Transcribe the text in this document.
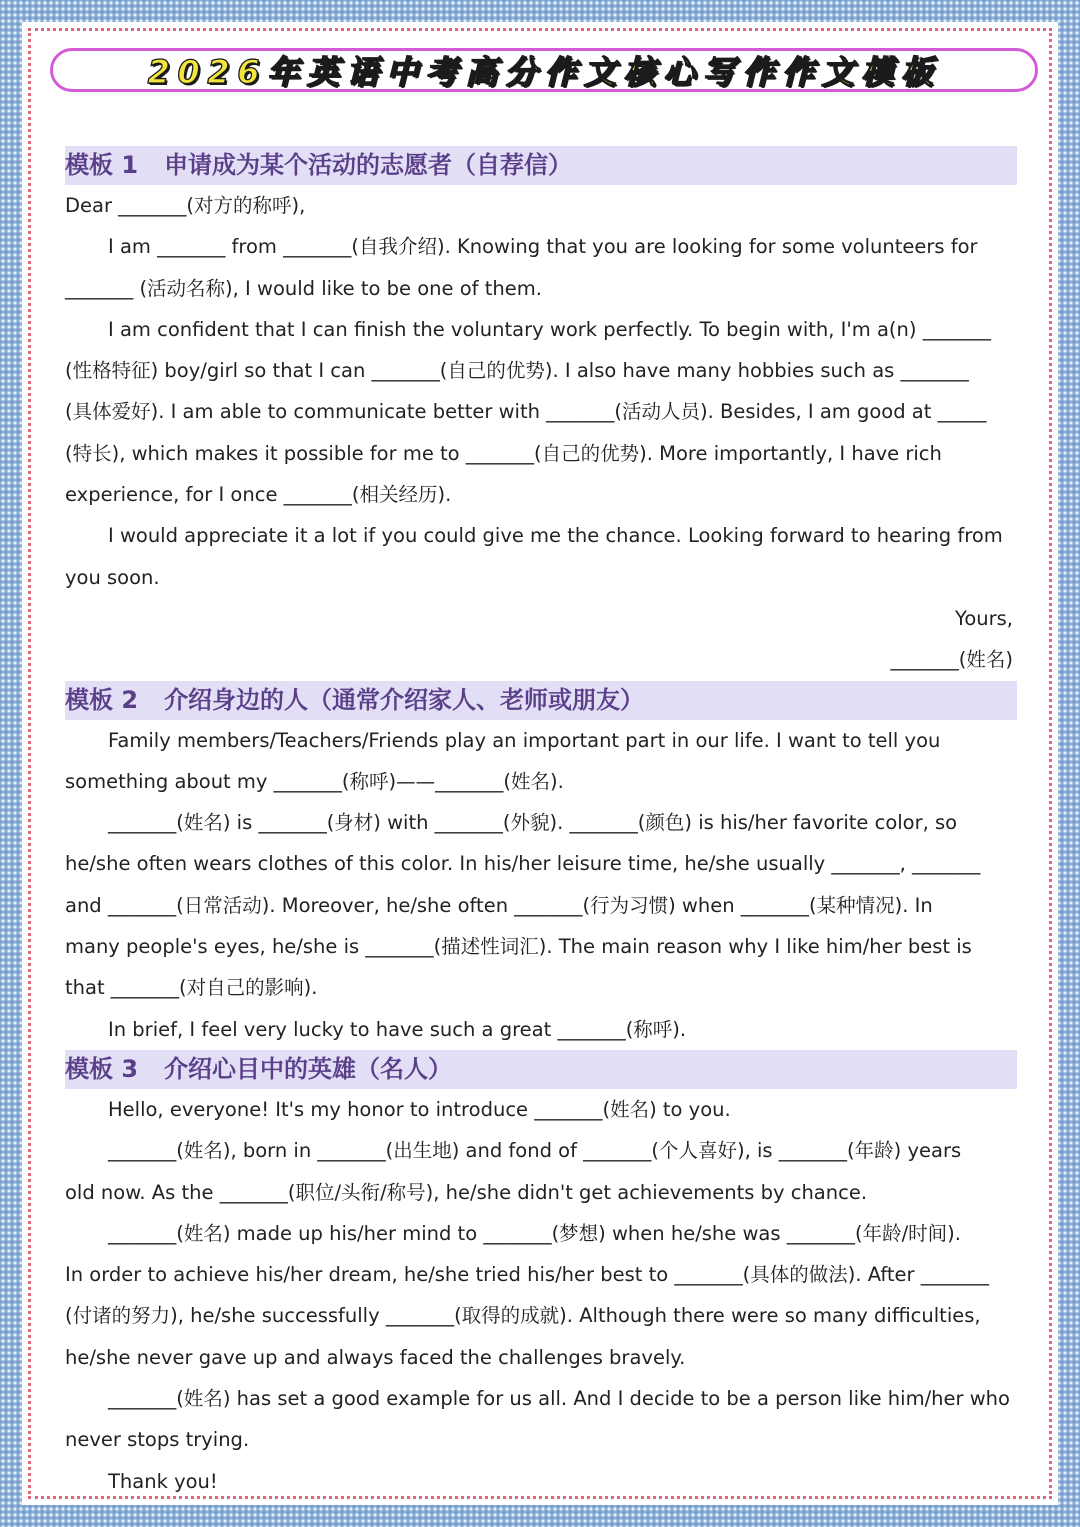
2026年英语中考高分作文核心写作作文模板
模板 1 申请成为某个活动的志愿者（自荐信）
Dear _______(对方的称呼),
I am _______ from _______(自我介绍). Knowing that you are looking for some volunteers for
_______ (活动名称), I would like to be one of them.
I am confident that I can finish the voluntary work perfectly. To begin with, I'm a(n) _______
(性格特征) boy/girl so that I can _______(自己的优势). I also have many hobbies such as _______
(具体爱好). I am able to communicate better with _______(活动人员). Besides, I am good at _____
(特长), which makes it possible for me to _______(自己的优势). More importantly, I have rich
experience, for I once _______(相关经历).
I would appreciate it a lot if you could give me the chance. Looking forward to hearing from
you soon.
Yours,
_______(姓名)
模板 2 介绍身边的人（通常介绍家人、老师或朋友）
Family members/Teachers/Friends play an important part in our life. I want to tell you
something about my _______(称呼)——_______(姓名).
_______(姓名) is _______(身材) with _______(外貌). _______(颜色) is his/her favorite color, so
he/she often wears clothes of this color. In his/her leisure time, he/she usually _______, _______
and _______(日常活动). Moreover, he/she often _______(行为习惯) when _______(某种情况). In
many people's eyes, he/she is _______(描述性词汇). The main reason why I like him/her best is
that _______(对自己的影响).
In brief, I feel very lucky to have such a great _______(称呼).
模板 3 介绍心目中的英雄（名人）
Hello, everyone! It's my honor to introduce _______(姓名) to you.
_______(姓名), born in _______(出生地) and fond of _______(个人喜好), is _______(年龄) years
old now. As the _______(职位/头衔/称号), he/she didn't get achievements by chance.
_______(姓名) made up his/her mind to _______(梦想) when he/she was _______(年龄/时间).
In order to achieve his/her dream, he/she tried his/her best to _______(具体的做法). After _______
(付诸的努力), he/she successfully _______(取得的成就). Although there were so many difficulties,
he/she never gave up and always faced the challenges bravely.
_______(姓名) has set a good example for us all. And I decide to be a person like him/her who
never stops trying.
Thank you!
